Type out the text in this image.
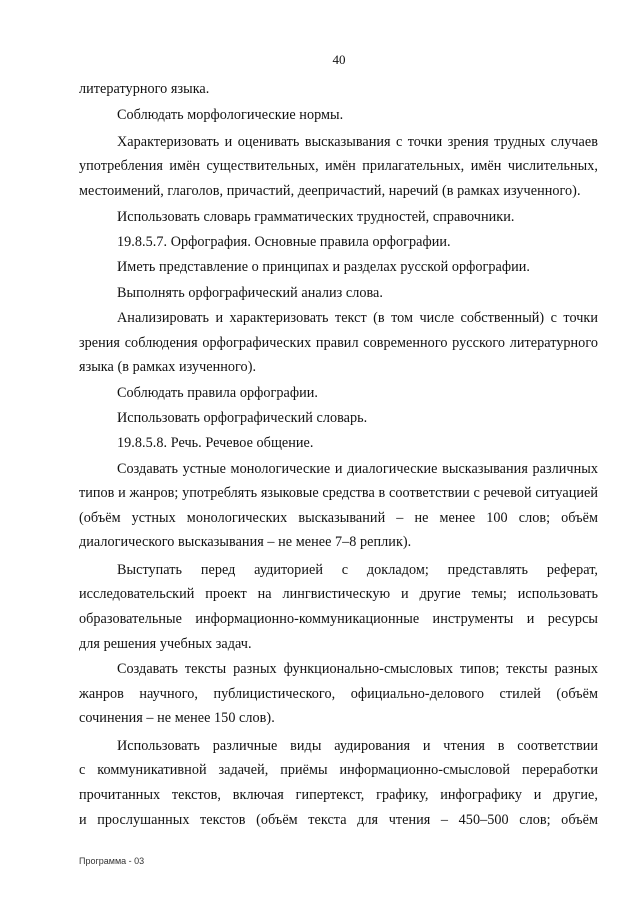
40
литературного языка.
Соблюдать морфологические нормы.
Характеризовать и оценивать высказывания с точки зрения трудных случаев
употребления имён существительных, имён прилагательных, имён числительных,
местоимений, глаголов, причастий, деепричастий, наречий (в рамках изученного).
Использовать словарь грамматических трудностей, справочники.
19.8.5.7. Орфография. Основные правила орфографии.
Иметь представление о принципах и разделах русской орфографии.
Выполнять орфографический анализ слова.
Анализировать и характеризовать текст (в том числе собственный) с точки
зрения соблюдения орфографических правил современного русского литературного
языка (в рамках изученного).
Соблюдать правила орфографии.
Использовать орфографический словарь.
19.8.5.8. Речь. Речевое общение.
Создавать устные монологические и диалогические высказывания различных
типов и жанров; употреблять языковые средства в соответствии с речевой ситуацией
(объём устных монологических высказываний – не менее 100 слов; объём
диалогического высказывания – не менее 7–8 реплик).
Выступать перед аудиторией с докладом; представлять реферат,
исследовательский проект на лингвистическую и другие темы; использовать
образовательные информационно-коммуникационные инструменты и ресурсы
для решения учебных задач.
Создавать тексты разных функционально-смысловых типов; тексты разных
жанров научного, публицистического, официально-делового стилей (объём
сочинения – не менее 150 слов).
Использовать различные виды аудирования и чтения в соответствии
с коммуникативной задачей, приёмы информационно-смысловой переработки
прочитанных текстов, включая гипертекст, графику, инфографику и другие,
и прослушанных текстов (объём текста для чтения – 450–500 слов; объём
Программа - 03
